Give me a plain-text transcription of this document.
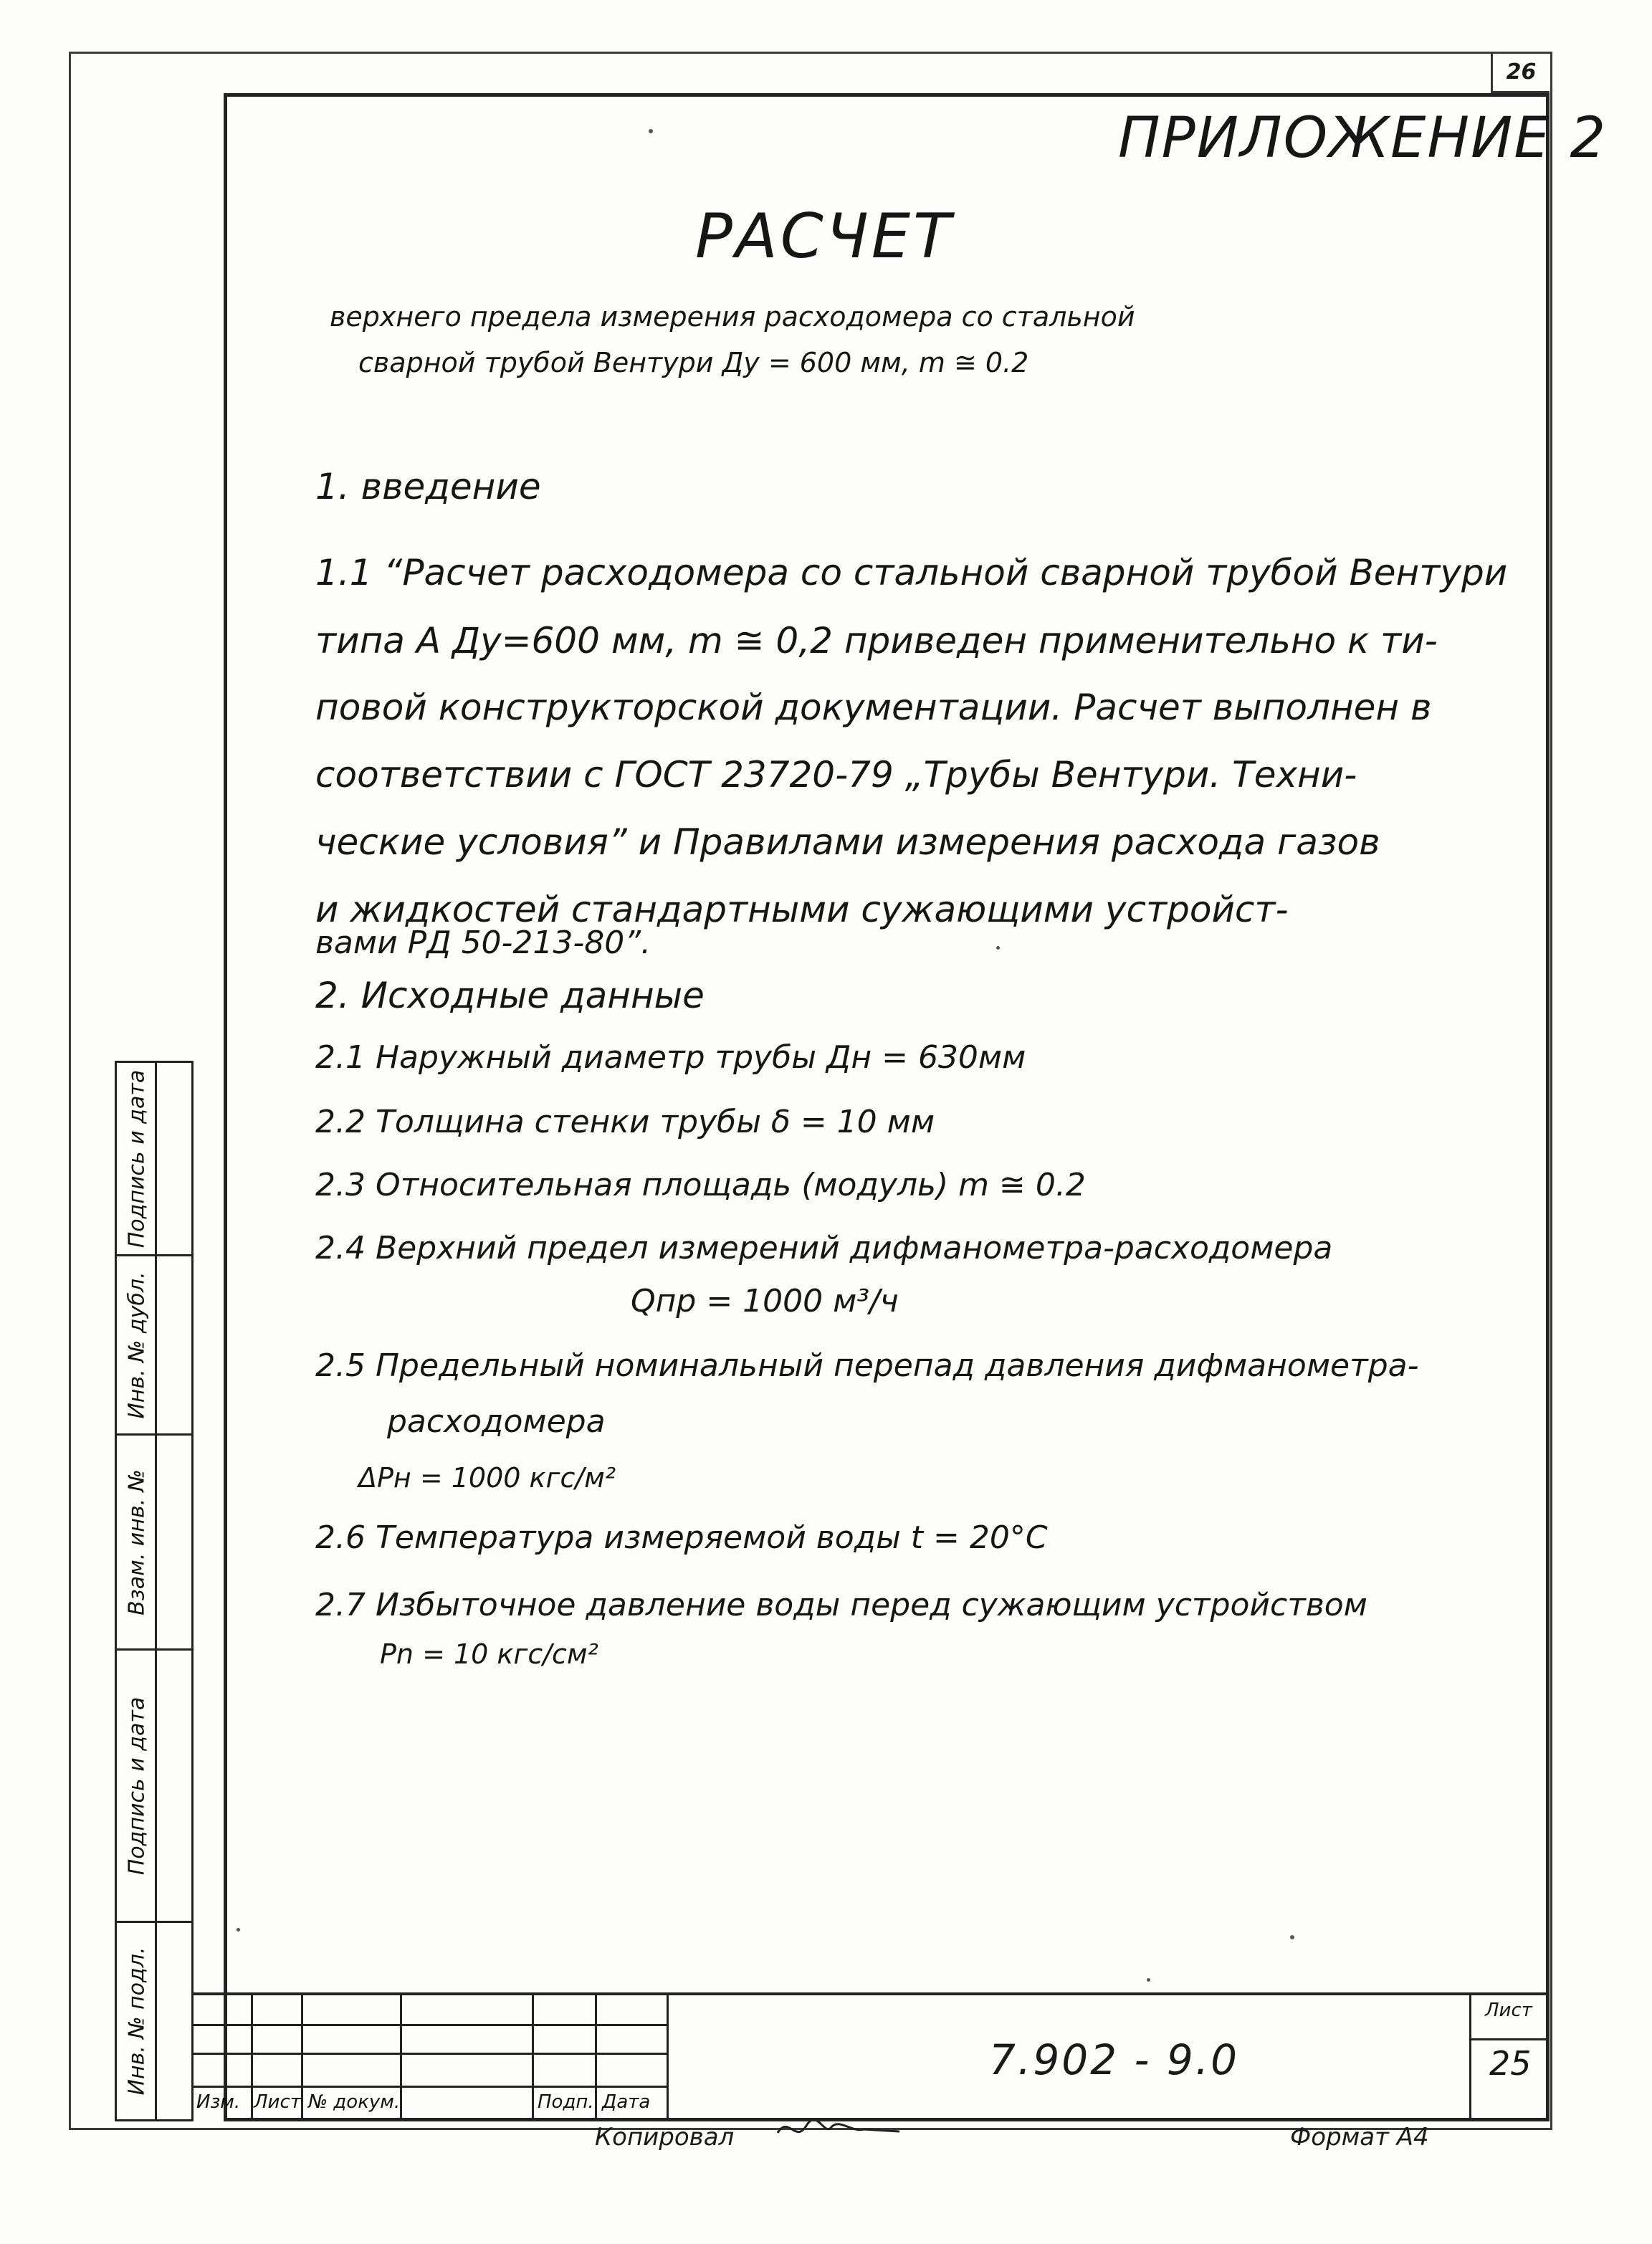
26
ПРИЛОЖЕНИЕ 2
РАСЧЕТ
верхнего предела измерения расходомера со стальной
сварной трубой Вентури Ду = 600 мм, m ≅ 0.2
1. введение
1.1 “Расчет расходомера со стальной сварной трубой Вентури
типа А Ду=600 мм, m ≅ 0,2 приведен применительно к ти-
повой конструкторской документации. Расчет выполнен в
соответствии с ГОСТ 23720-79 „Трубы Вентури. Техни-
ческие условия” и Правилами измерения расхода газов
и жидкостей стандартными сужающими устройст-
вами РД 50-213-80”.
2. Исходные данные
2.1 Наружный диаметр трубы Дн = 630мм
2.2 Толщина стенки трубы δ = 10 мм
2.3 Относительная площадь (модуль) m ≅ 0.2
2.4 Верхний предел измерений дифманометра-расходомера
Qпр = 1000 м³/ч
2.5 Предельный номинальный перепад давления дифманометра-
расходомера
ΔPн = 1000 кгс/м²
2.6 Температура измеряемой воды t = 20°С
2.7 Избыточное давление воды перед сужающим устройством
Pn = 10 кгс/см²
Подпись и дата
Инв. № дубл.
Взам. инв. №
Подпись и дата
Инв. № подл.
Изм. Лист № докум.	Подп. Дата
7.902 - 9.0
Лист
25
Копировал	Формат А4
